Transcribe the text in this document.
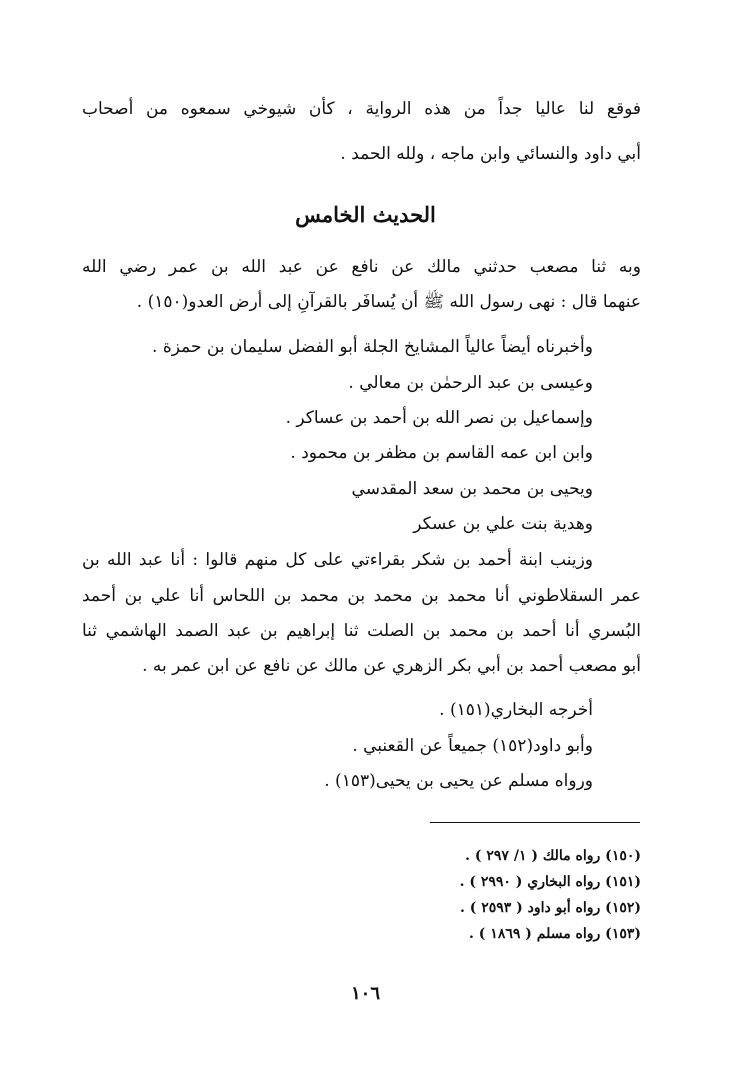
فوقع لنا عاليا جداً من هذه الرواية ، كأن شيوخي سمعوه من أصحاب
أبي داود والنسائي وابن ماجه ، ولله الحمد .
الحديث الخامس
وبه ثنا مصعب حدثني مالك عن نافع عن عبد الله بن عمر رضي الله
عنهما قال : نهى رسول الله ﷺ أن يُسافَر بالقرآنِ إلى أرض العدو(١٥٠) .
وأخبرناه أيضاً عالياً المشايخ الجلة أبو الفضل سليمان بن حمزة .
وعيسى بن عبد الرحمٰن بن معالي .
وإسماعيل بن نصر الله بن أحمد بن عساكر .
وابن ابن عمه القاسم بن مظفر بن محمود .
ويحيى بن محمد بن سعد المقدسي
وهدية بنت علي بن عسكر
وزينب ابنة أحمد بن شكر بقراءتي على كل منهم قالوا : أنا عبد الله بن
عمر السقلاطوني أنا محمد بن محمد بن محمد بن اللحاس أنا علي بن أحمد
البُسري أنا أحمد بن محمد بن الصلت ثنا إبراهيم بن عبد الصمد الهاشمي ثنا
أبو مصعب أحمد بن أبي بكر الزهري عن مالك عن نافع عن ابن عمر به .
أخرجه البخاري(١٥١) .
وأبو داود(١٥٢) جميعاً عن القعنبي .
ورواه مسلم عن يحيى بن يحيى(١٥٣) .
(١٥٠) رواه مالك ( ١/ ٢٩٧ ) .
(١٥١) رواه البخاري ( ٢٩٩٠ ) .
(١٥٢) رواه أبو داود ( ٢٥٩٣ ) .
(١٥٣) رواه مسلم ( ١٨٦٩ ) .
١٠٦
